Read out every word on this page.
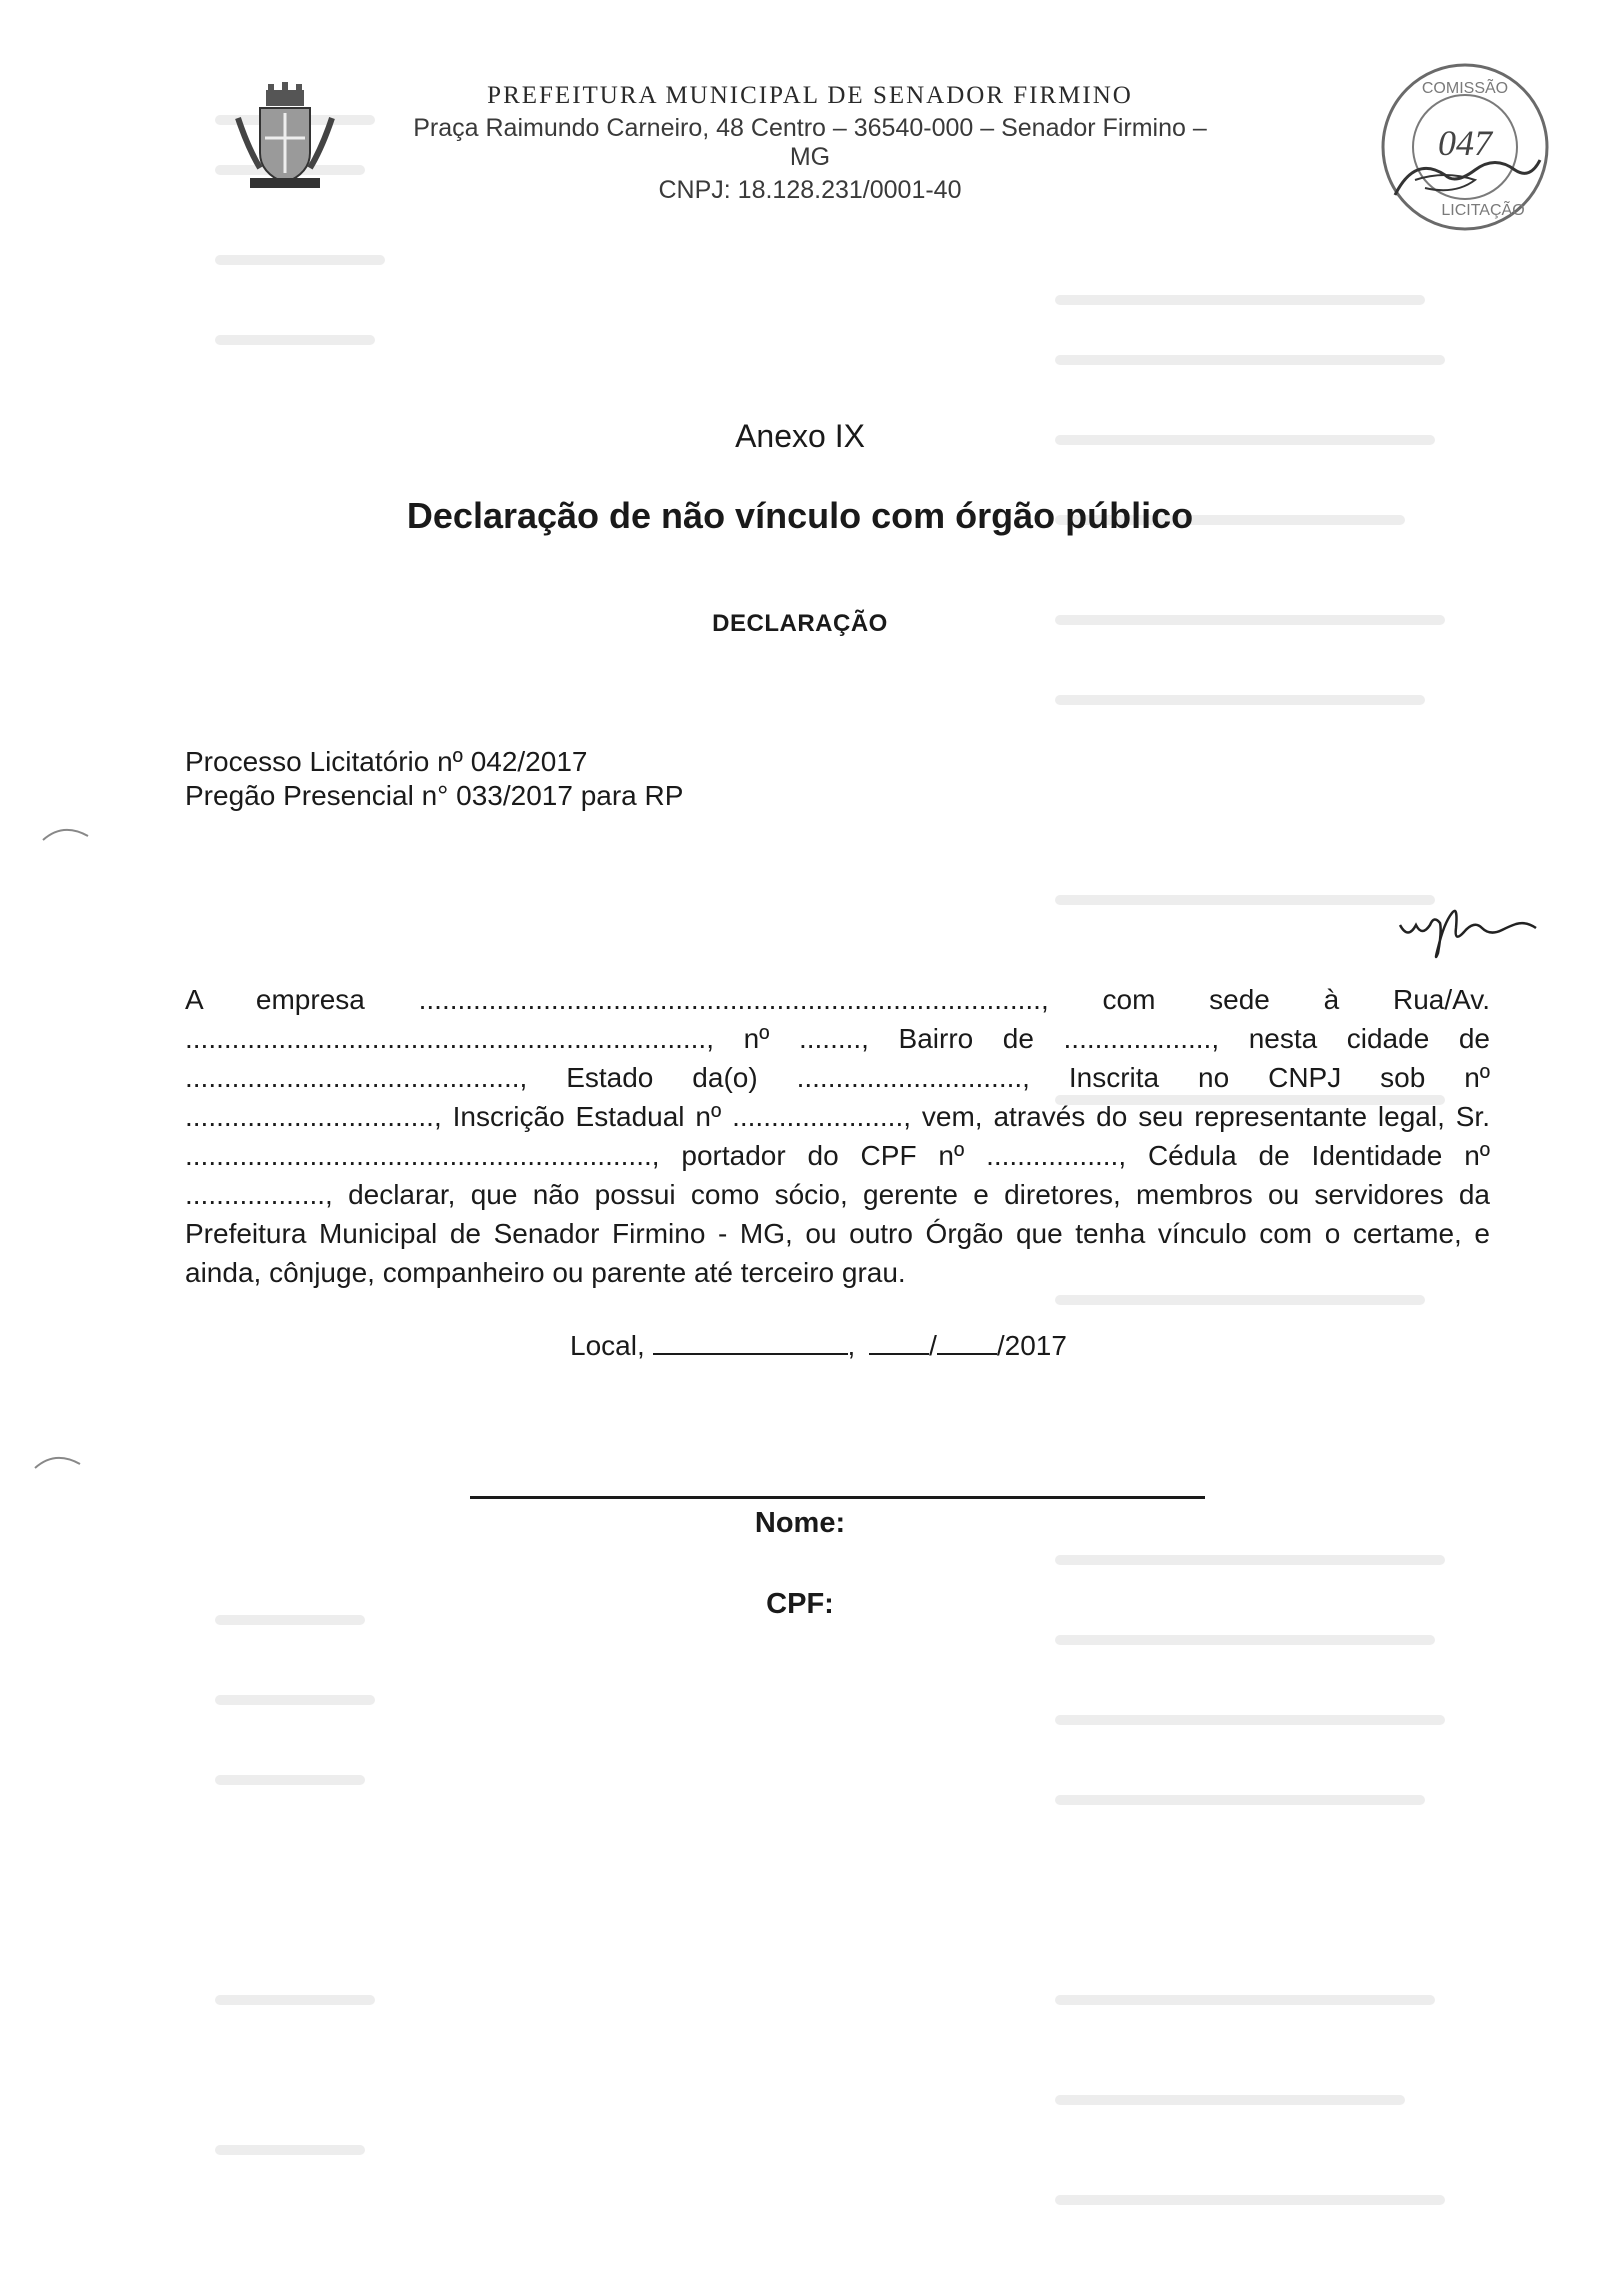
PREFEITURA MUNICIPAL DE SENADOR FIRMINO
Praça Raimundo Carneiro, 48 Centro – 36540-000 – Senador Firmino – MG
CNPJ: 18.128.231/0001-40
COMISSÃO
047
LICITAÇÃO
Anexo IX
Declaração de não vínculo com órgão público
DECLARAÇÃO
Processo Licitatório nº 042/2017
Pregão Presencial n° 033/2017 para RP
A empresa ................................................................................, com sede à Rua/Av. ..................................................................., nº ........, Bairro de ..................., nesta cidade de ..........................................., Estado da(o) ............................., Inscrita no CNPJ sob nº ................................, Inscrição Estadual nº ......................, vem, através do seu representante legal, Sr. ............................................................, portador do CPF nº ................., Cédula de Identidade nº .................., declarar, que não possui como sócio, gerente e diretores, membros ou servidores da Prefeitura Municipal de Senador Firmino - MG, ou outro Órgão que tenha vínculo com o certame, e ainda, cônjuge, companheiro ou parente até terceiro grau.
Local,	,	/ /2017
Nome:
CPF:
